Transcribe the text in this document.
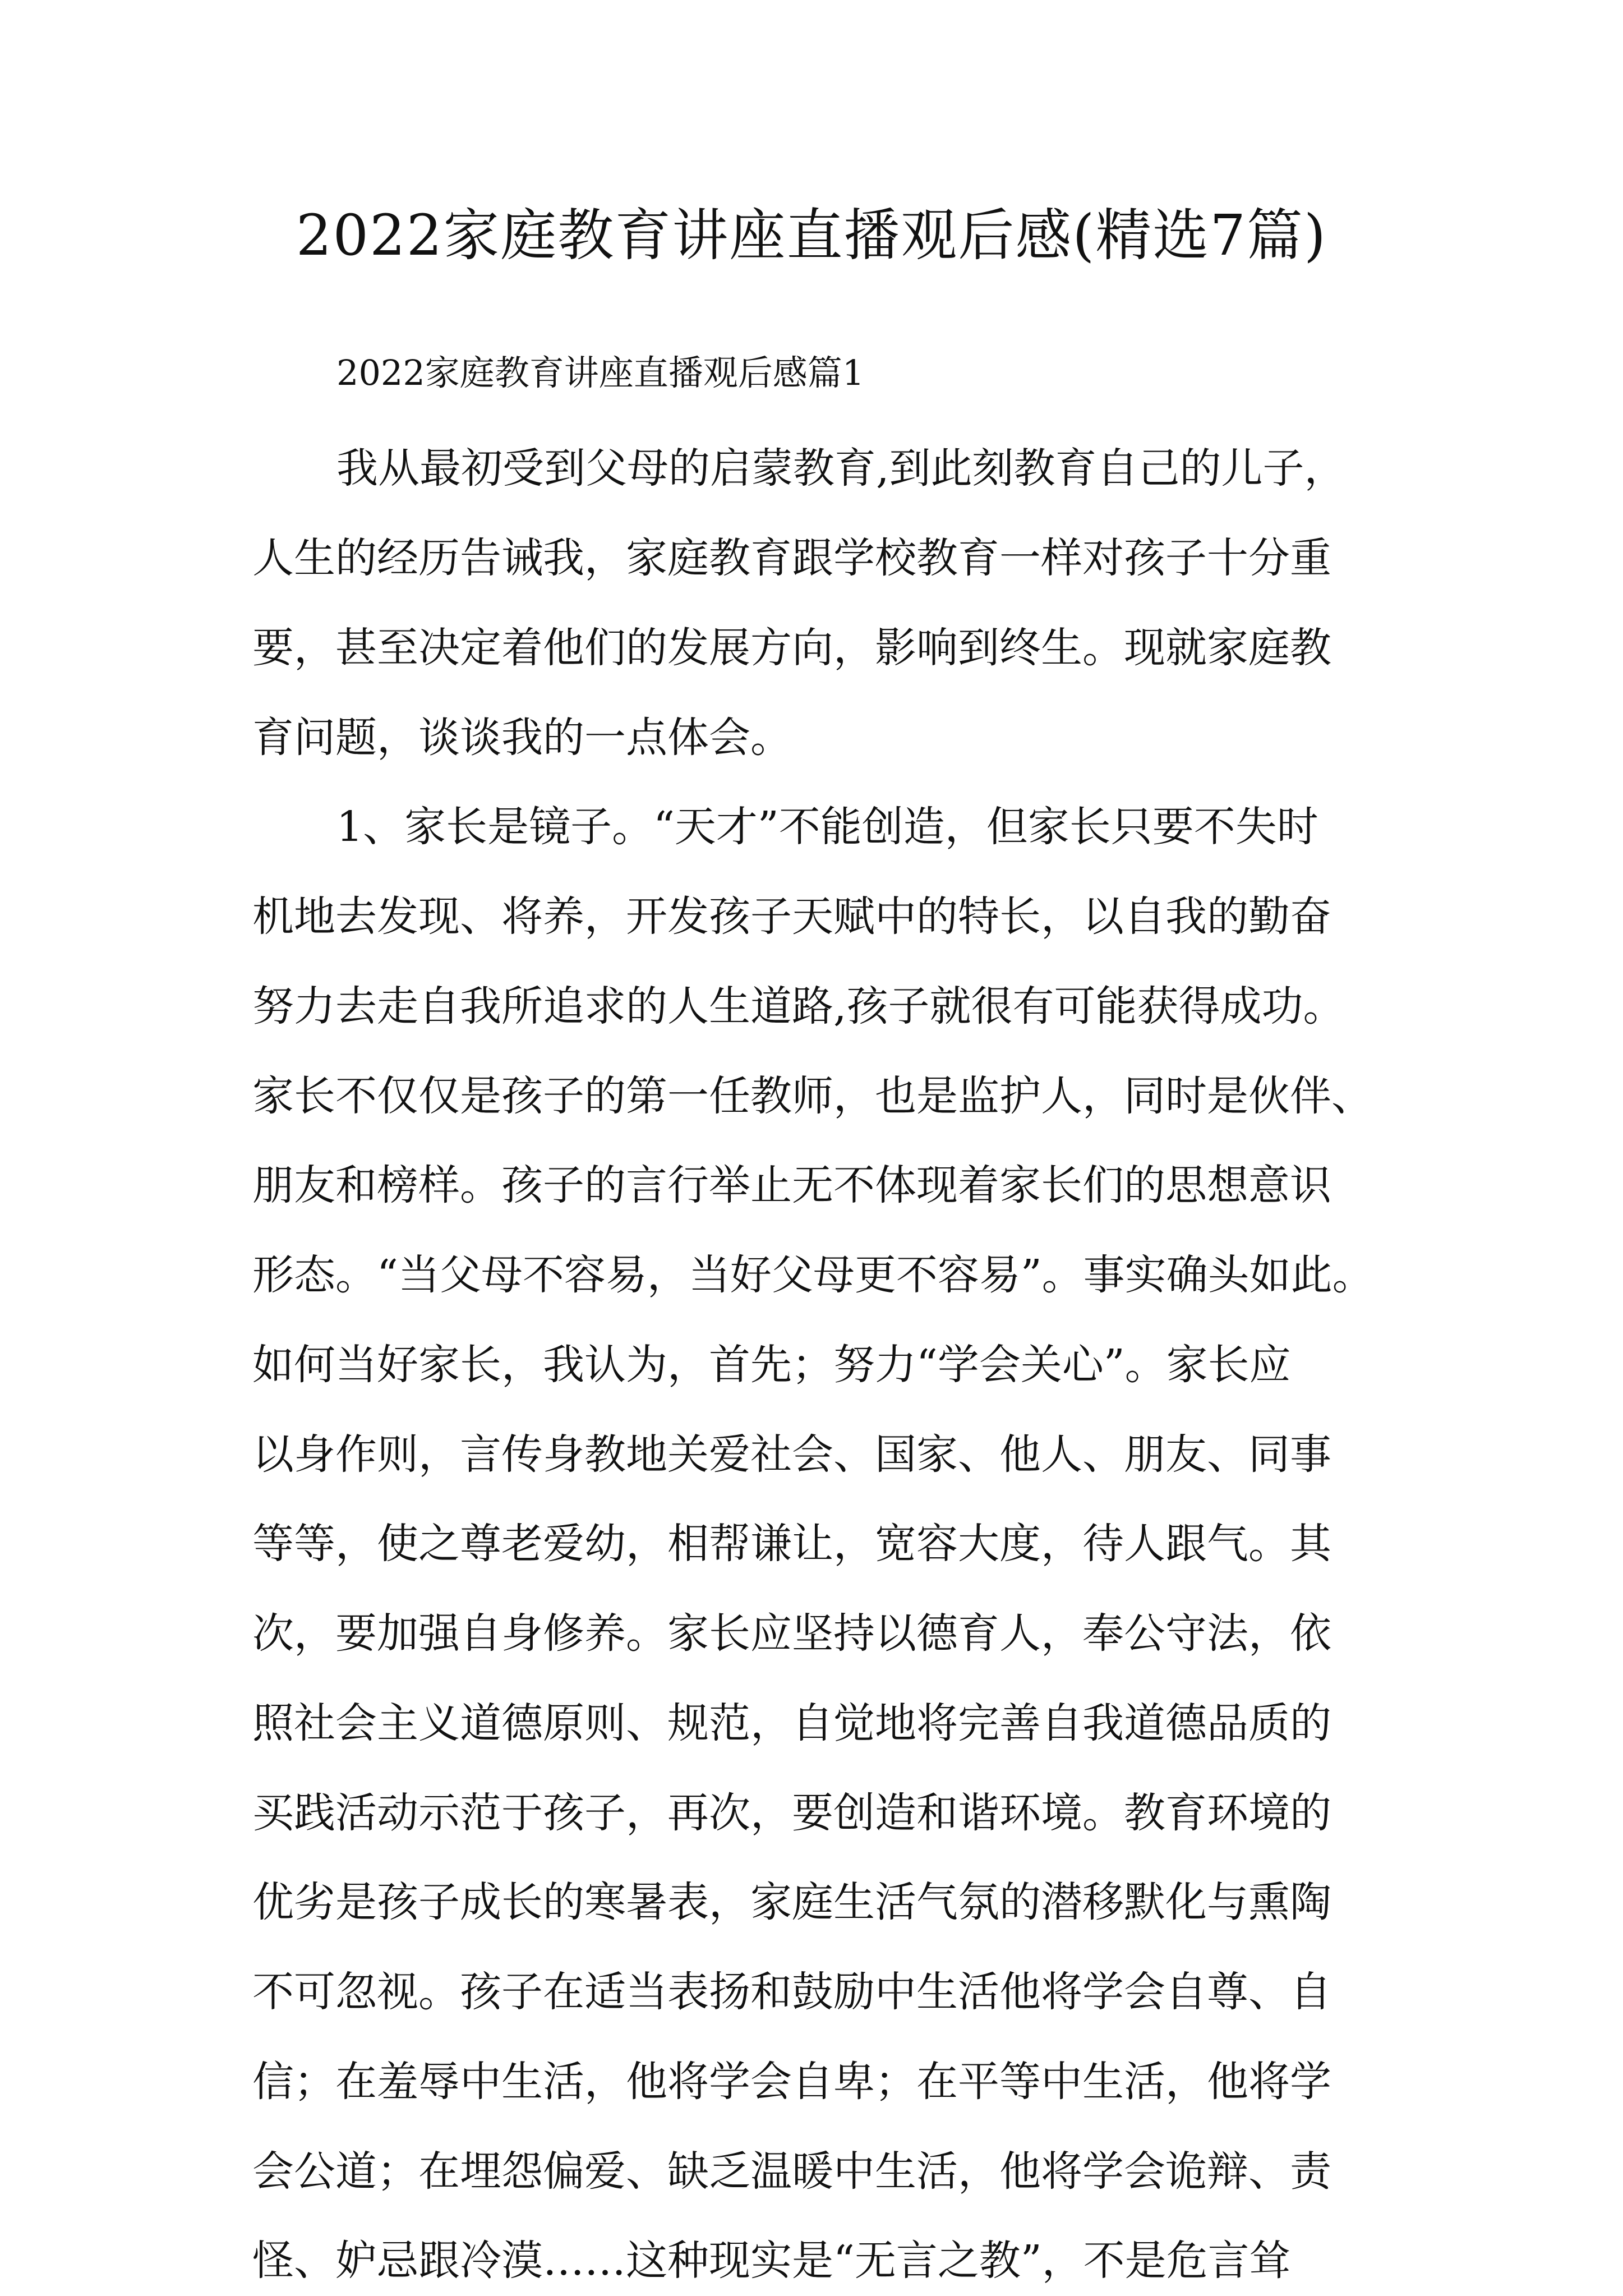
2022家庭教育讲座直播观后感(精选7篇)
2022家庭教育讲座直播观后感篇1
我从最初受到父母的启蒙教育,到此刻教育自己的儿子，
人生的经历告诫我，家庭教育跟学校教育一样对孩子十分重
要，甚至决定着他们的发展方向，影响到终生。现就家庭教
育问题，谈谈我的一点体会。
1、家长是镜子。“天才”不能创造，但家长只要不失时
机地去发现、将养，开发孩子天赋中的特长，以自我的勤奋
努力去走自我所追求的人生道路,孩子就很有可能获得成功。
家长不仅仅是孩子的第一任教师，也是监护人，同时是伙伴、
朋友和榜样。孩子的言行举止无不体现着家长们的思想意识
形态。“当父母不容易，当好父母更不容易”。事实确头如此。
如何当好家长，我认为，首先；努力“学会关心”。家长应
以身作则，言传身教地关爱社会、国家、他人、朋友、同事
等等，使之尊老爱幼，相帮谦让，宽容大度，待人跟气。其
次，要加强自身修养。家长应坚持以德育人，奉公守法，依
照社会主义道德原则、规范，自觉地将完善自我道德品质的
买践活动示范于孩子，再次，要创造和谐环境。教育环境的
优劣是孩子成长的寒暑表，家庭生活气氛的潜移默化与熏陶
不可忽视。孩子在适当表扬和鼓励中生活他将学会自尊、自
信；在羞辱中生活，他将学会自卑；在平等中生活，他将学
会公道；在埋怨偏爱、缺乏温暖中生活，他将学会诡辩、责
怪、妒忌跟冷漠……这种现实是“无言之教”，不是危言耸
